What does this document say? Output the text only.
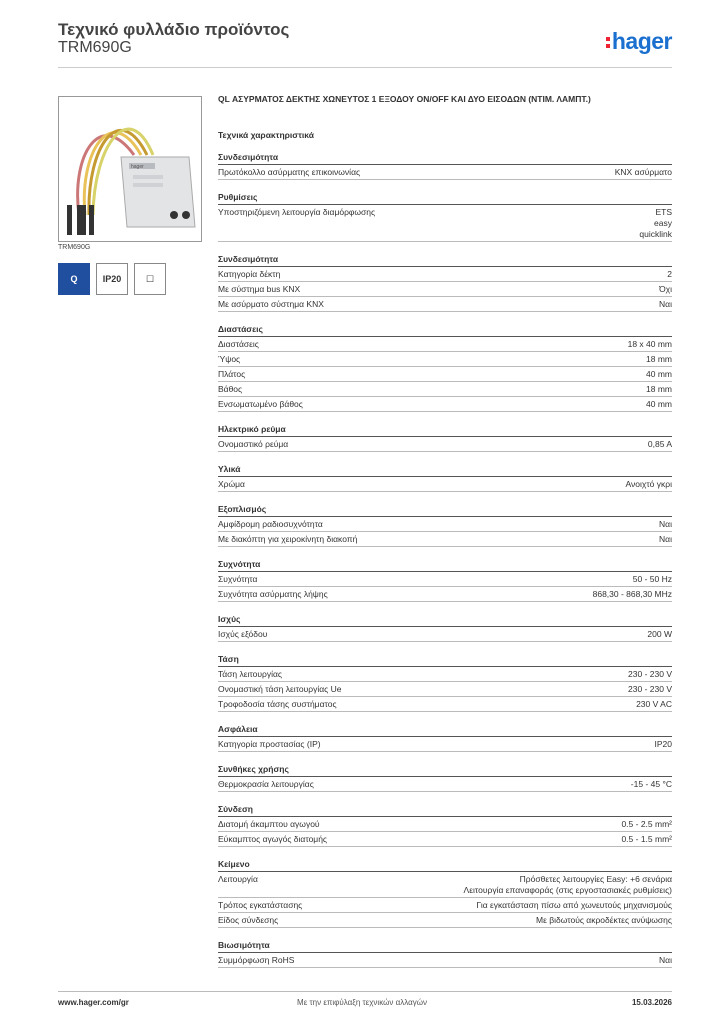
Τεχνικό φυλλάδιο προϊόντος
TRM690G	hager
hager
TRM690G
Q	IP20	☐
QL ΑΣΥΡΜΑΤΟΣ ΔΕΚΤΗΣ ΧΩΝΕΥΤΟΣ 1 ΕΞΟΔΟΥ ON/OFF ΚΑΙ ΔΥΟ ΕΙΣΟΔΩΝ (ΝΤΙΜ. ΛΑΜΠΤ.)
Τεχνικά χαρακτηριστικά
Συνδεσιμότητα
Πρωτόκολλο ασύρματης επικοινωνίας	KNX ασύρματο
Ρυθμίσεις
Υποστηριζόμενη λειτουργία διαμόρφωσης	ETS
easy
quicklink
Συνδεσιμότητα
Κατηγορία δέκτη	2
Με σύστημα bus KNX	Όχι
Με ασύρματο σύστημα KNX	Ναι
Διαστάσεις
Διαστάσεις	18 x 40 mm
Ύψος	18 mm
Πλάτος	40 mm
Βάθος	18 mm
Ενσωματωμένο βάθος	40 mm
Ηλεκτρικό ρεύμα
Ονομαστικό ρεύμα	0,85 A
Υλικά
Χρώμα	Ανοιχτό γκρι
Εξοπλισμός
Αμφίδρομη ραδιοσυχνότητα	Ναι
Με διακόπτη για χειροκίνητη διακοπή	Ναι
Συχνότητα
Συχνότητα	50 - 50 Hz
Συχνότητα ασύρματης λήψης	868,30 - 868,30 MHz
Ισχύς
Ισχύς εξόδου	200 W
Τάση
Τάση λειτουργίας	230 - 230 V
Ονομαστική τάση λειτουργίας Ue	230 - 230 V
Τροφοδοσία τάσης συστήματος	230 V AC
Ασφάλεια
Κατηγορία προστασίας (IP)	IP20
Συνθήκες χρήσης
Θερμοκρασία λειτουργίας	-15 - 45 °C
Σύνδεση
Διατομή άκαμπτου αγωγού	0.5 - 2.5 mm²
Εύκαμπτος αγωγός διατομής	0.5 - 1.5 mm²
Κείμενο
Λειτουργία	Πρόσθετες λειτουργίες Easy: +6 σενάρια
Λειτουργία επαναφοράς (στις εργοστασιακές ρυθμίσεις)
Τρόπος εγκατάστασης	Για εγκατάσταση πίσω από χωνευτούς μηχανισμούς
Είδος σύνδεσης	Με βιδωτούς ακροδέκτες ανύψωσης
Βιωσιμότητα
Συμμόρφωση RoHS	Ναι
www.hager.com/gr	Με την επιφύλαξη τεχνικών αλλαγών	15.03.2026
